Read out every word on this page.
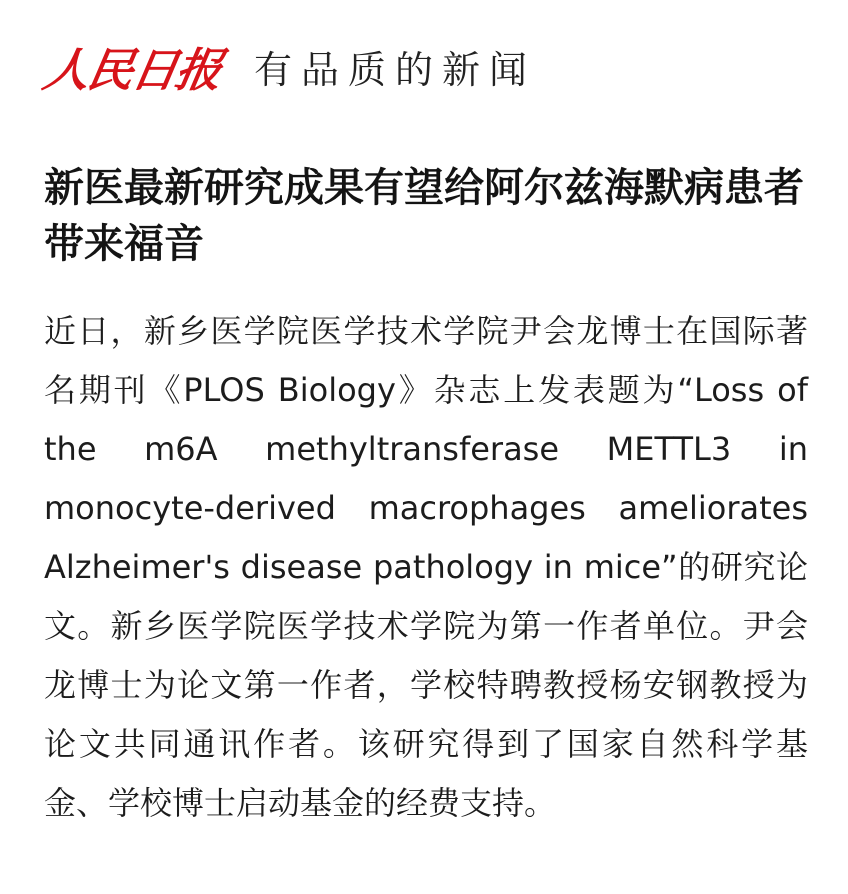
人民日报 有品质的新闻
新医最新研究成果有望给阿尔兹海默病患者带来福音

近日，新乡医学院医学技术学院尹会龙博士在国际著名期刊《PLOS Biology》杂志上发表题为“Loss of the m6A methyltransferase METTL3 in monocyte-derived macrophages ameliorates Alzheimer's disease pathology in mice”的研究论文。新乡医学院医学技术学院为第一作者单位。尹会龙博士为论文第一作者，学校特聘教授杨安钢教授为论文共同通讯作者。该研究得到了国家自然科学基金、学校博士启动基金的经费支持。
